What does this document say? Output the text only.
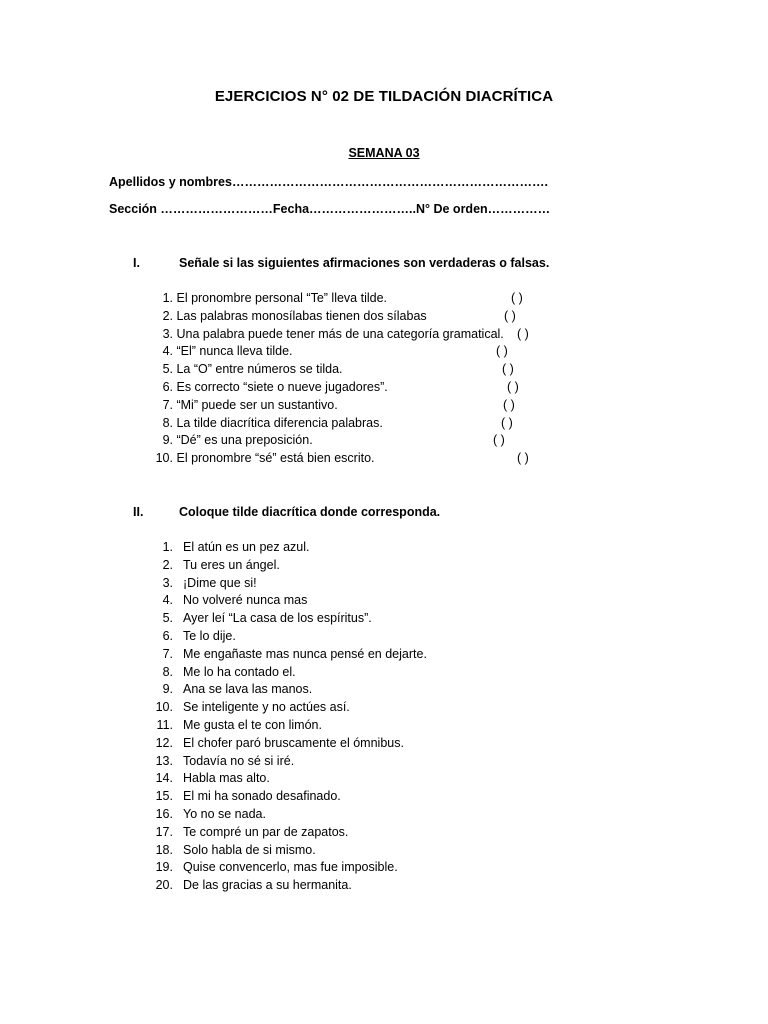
EJERCICIOS N° 02 DE TILDACIÓN DIACRÍTICA
SEMANA 03
Apellidos y nombres………………………………………………………………….
Sección ………………………Fecha……………………..N° De orden……………
I.	Señale si las siguientes afirmaciones son verdaderas o falsas.
1. El pronombre personal “Te” lleva tilde.	( )
2. Las palabras monosílabas tienen dos sílabas	( )
3. Una palabra puede tener más de una categoría gramatical. ( )
4. “El” nunca lleva tilde.	( )
5. La “O” entre números se tilda.	( )
6. Es correcto “siete o nueve jugadores”.	( )
7. “Mi” puede ser un sustantivo.	( )
8. La tilde diacrítica diferencia palabras.	( )
9. “Dé” es una preposición.	( )
10. El pronombre “sé” está bien escrito.	( )
II.	Coloque tilde diacrítica donde corresponda.
1. El atún es un pez azul.
2. Tu eres un ángel.
3. ¡Dime que si!
4. No volveré nunca mas
5. Ayer leí “La casa de los espíritus”.
6. Te lo dije.
7. Me engañaste mas nunca pensé en dejarte.
8. Me lo ha contado el.
9. Ana se lava las manos.
10. Se inteligente y no actúes así.
11. Me gusta el te con limón.
12. El chofer paró bruscamente el ómnibus.
13. Todavía no sé si iré.
14. Habla mas alto.
15. El mi ha sonado desafinado.
16. Yo no se nada.
17. Te compré un par de zapatos.
18. Solo habla de si mismo.
19. Quise convencerlo, mas fue imposible.
20. De las gracias a su hermanita.
